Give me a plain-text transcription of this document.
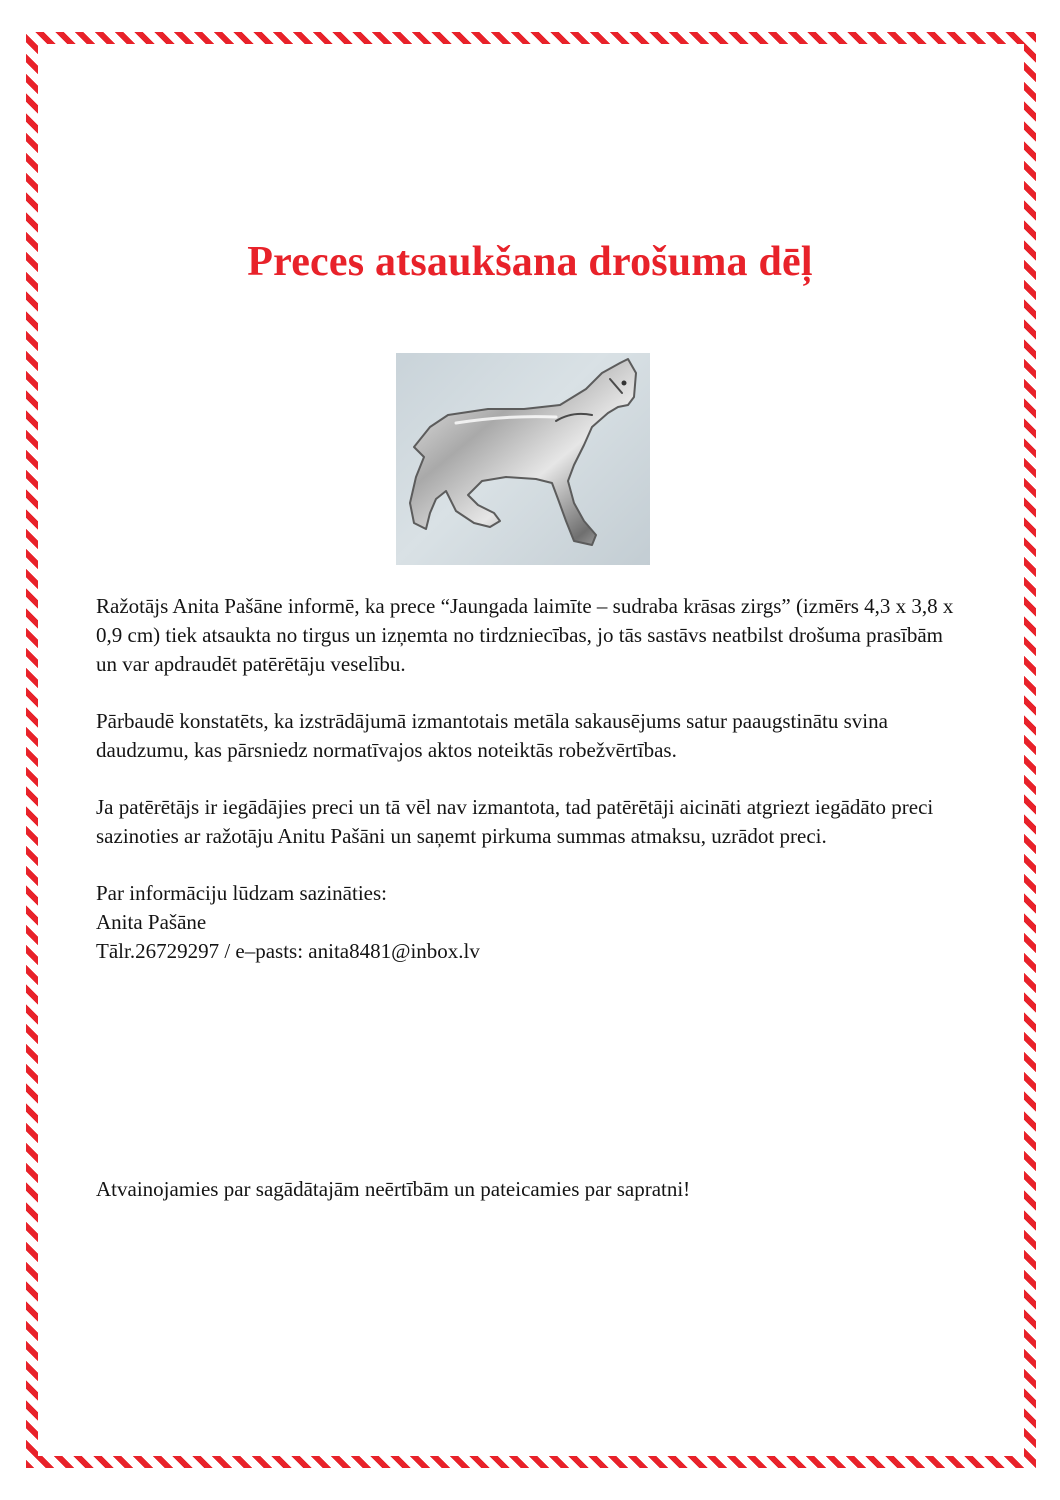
Preces atsaukšana drošuma dēļ

Ražotājs Anita Pašāne informē, ka prece “Jaungada laimīte – sudraba krāsas zirgs” (izmērs 4,3 x 3,8 x 0,9 cm) tiek atsaukta no tirgus un izņemta no tirdzniecības, jo tās sastāvs neatbilst drošuma prasībām un var apdraudēt patērētāju veselību.

Pārbaudē konstatēts, ka izstrādājumā izmantotais metāla sakausējums satur paaugstinātu svina daudzumu, kas pārsniedz normatīvajos aktos noteiktās robežvērtības.

Ja patērētājs ir iegādājies preci un tā vēl nav izmantota, tad patērētāji aicināti atgriezt iegādāto preci sazinoties ar ražotāju Anitu Pašāni un saņemt pirkuma summas atmaksu, uzrādot preci.

Par informāciju lūdzam sazināties:
Anita Pašāne
Tālr.26729297 / e–pasts: anita8481@inbox.lv
Atvainojamies par sagādātajām neērtībām un pateicamies par sapratni!
